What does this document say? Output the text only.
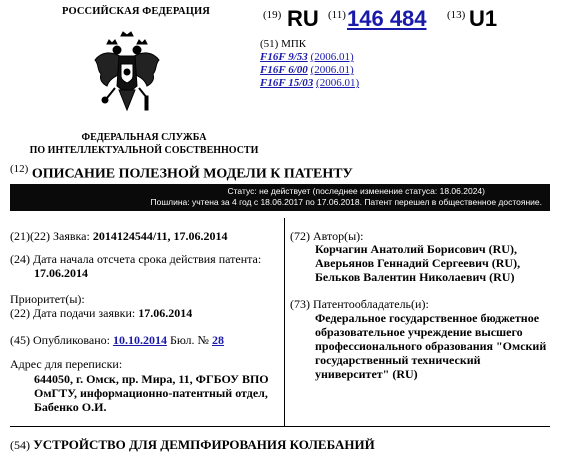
РОССИЙСКАЯ ФЕДЕРАЦИЯ
ФЕДЕРАЛЬНАЯ СЛУЖБА
ПО ИНТЕЛЛЕКТУАЛЬНОЙ СОБСТВЕННОСТИ
(19) RU (11) 146 484 (13) U1
(51) МПК
F16F 9/53 (2006.01)
F16F 6/00 (2006.01)
F16F 15/03 (2006.01)
$^{(12)}$ ОПИСАНИЕ ПОЛЕЗНОЙ МОДЕЛИ К ПАТЕНТУ
Статус: не действует (последнее изменение статуса: 18.06.2024)
Пошлина: учтена за 4 год с 18.06.2017 по 17.06.2018. Патент перешел в общественное достояние.
(21)(22) Заявка: 2014124544/11, 17.06.2014
(24) Дата начала отсчета срока действия патента:
17.06.2014
Приоритет(ы):
(22) Дата подачи заявки: 17.06.2014
(45) Опубликовано: 10.10.2014 Бюл. № 28
Адрес для переписки:
644050, г. Омск, пр. Мира, 11, ФГБОУ ВПО
ОмГТУ, информационно-патентный отдел,
Бабенко О.И.
(72) Автор(ы):
Корчагин Анатолий Борисович (RU),
Аверьянов Геннадий Сергеевич (RU),
Бельков Валентин Николаевич (RU)
(73) Патентообладатель(и):
Федеральное государственное бюджетное
образовательное учреждение высшего
профессионального образования "Омский
государственный технический
университет" (RU)
(54) УСТРОЙСТВО ДЛЯ ДЕМПФИРОВАНИЯ КОЛЕБАНИЙ
